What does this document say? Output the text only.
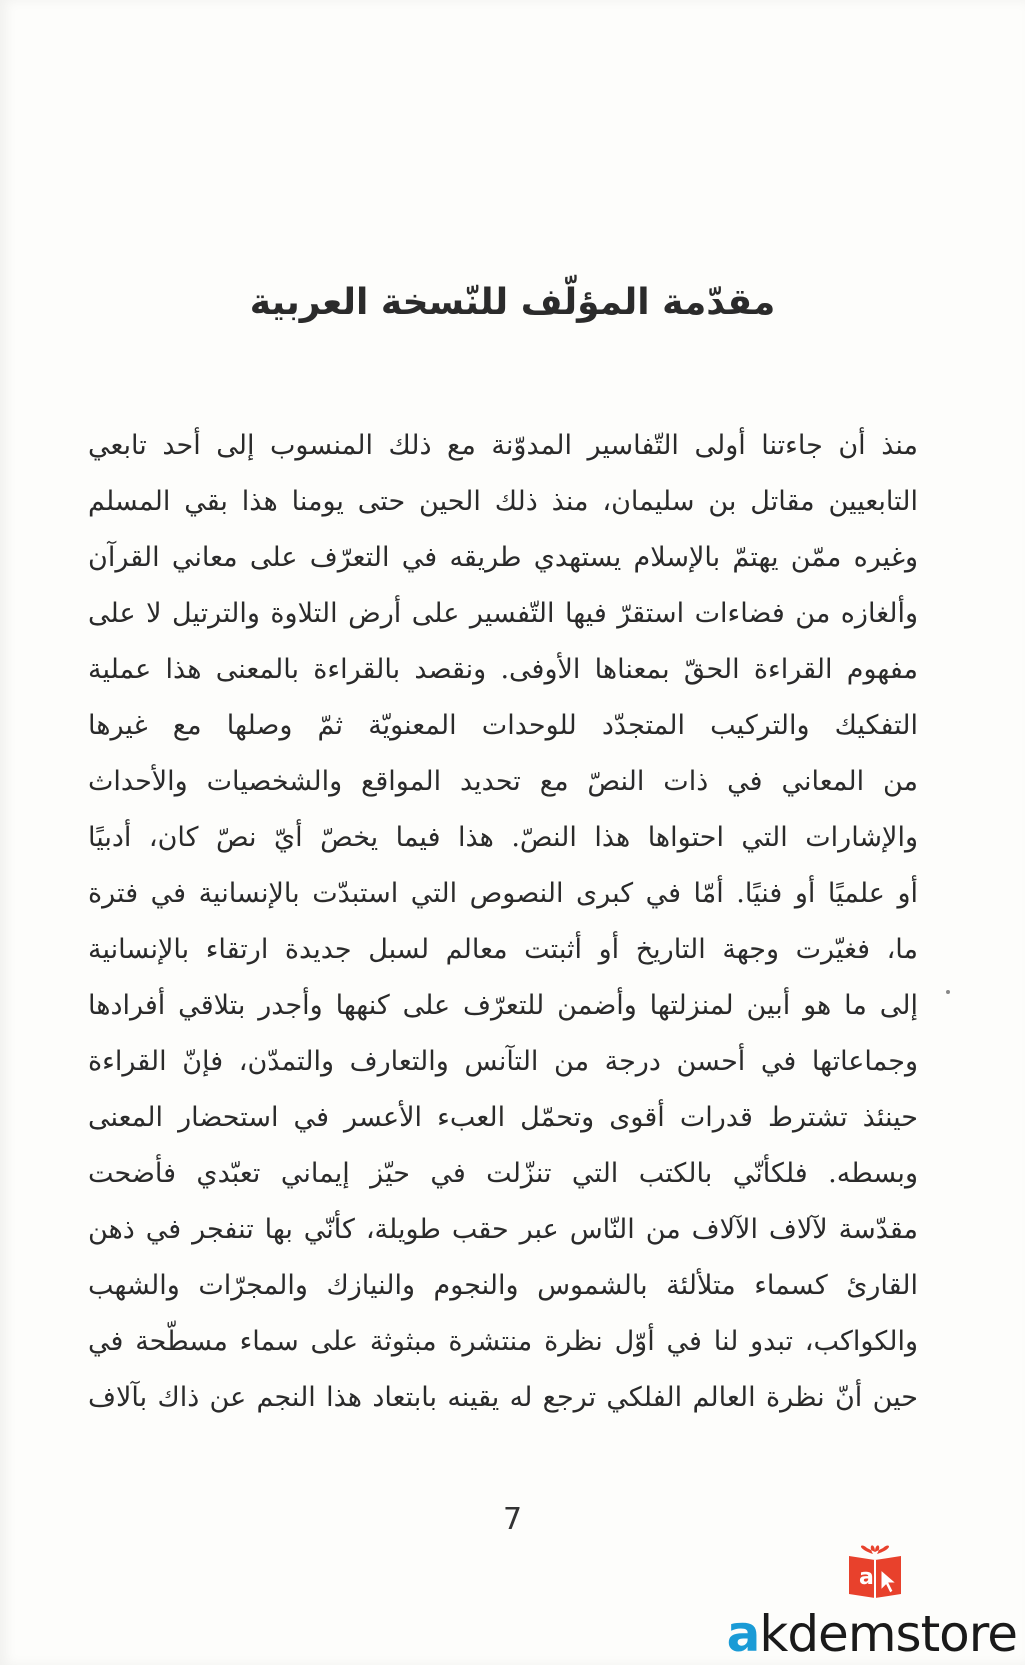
مقدّمة المؤلّف للنّسخة العربية
منذ أن جاءتنا أولى التّفاسير المدوّنة مع ذلك المنسوب إلى أحد تابعي
التابعيين مقاتل بن سليمان، منذ ذلك الحين حتى يومنا هذا بقي المسلم
وغيره ممّن يهتمّ بالإسلام يستهدي طريقه في التعرّف على معاني القرآن
وألغازه من فضاءات استقرّ فيها التّفسير على أرض التلاوة والترتيل لا على
مفهوم القراءة الحقّ بمعناها الأوفى. ونقصد بالقراءة بالمعنى هذا عملية
التفكيك والتركيب المتجدّد للوحدات المعنويّة ثمّ وصلها مع غيرها
من المعاني في ذات النصّ مع تحديد المواقع والشخصيات والأحداث
والإشارات التي احتواها هذا النصّ. هذا فيما يخصّ أيّ نصّ كان، أدبيًا
أو علميًا أو فنيًا. أمّا في كبرى النصوص التي استبدّت بالإنسانية في فترة
ما، فغيّرت وجهة التاريخ أو أثبتت معالم لسبل جديدة ارتقاء بالإنسانية
إلى ما هو أبين لمنزلتها وأضمن للتعرّف على كنهها وأجدر بتلاقي أفرادها
وجماعاتها في أحسن درجة من التآنس والتعارف والتمدّن، فإنّ القراءة
حينئذ تشترط قدرات أقوى وتحمّل العبء الأعسر في استحضار المعنى
وبسطه. فلكأنّي بالكتب التي تنزّلت في حيّز إيماني تعبّدي فأضحت
مقدّسة لآلاف الآلاف من النّاس عبر حقب طويلة، كأنّي بها تنفجر في ذهن
القارئ كسماء متلألئة بالشموس والنجوم والنيازك والمجرّات والشهب
والكواكب، تبدو لنا في أوّل نظرة منتشرة مبثوثة على سماء مسطّحة في
حين أنّ نظرة العالم الفلكي ترجع له يقينه بابتعاد هذا النجم عن ذاك بآلاف
7
a
akdemstore
